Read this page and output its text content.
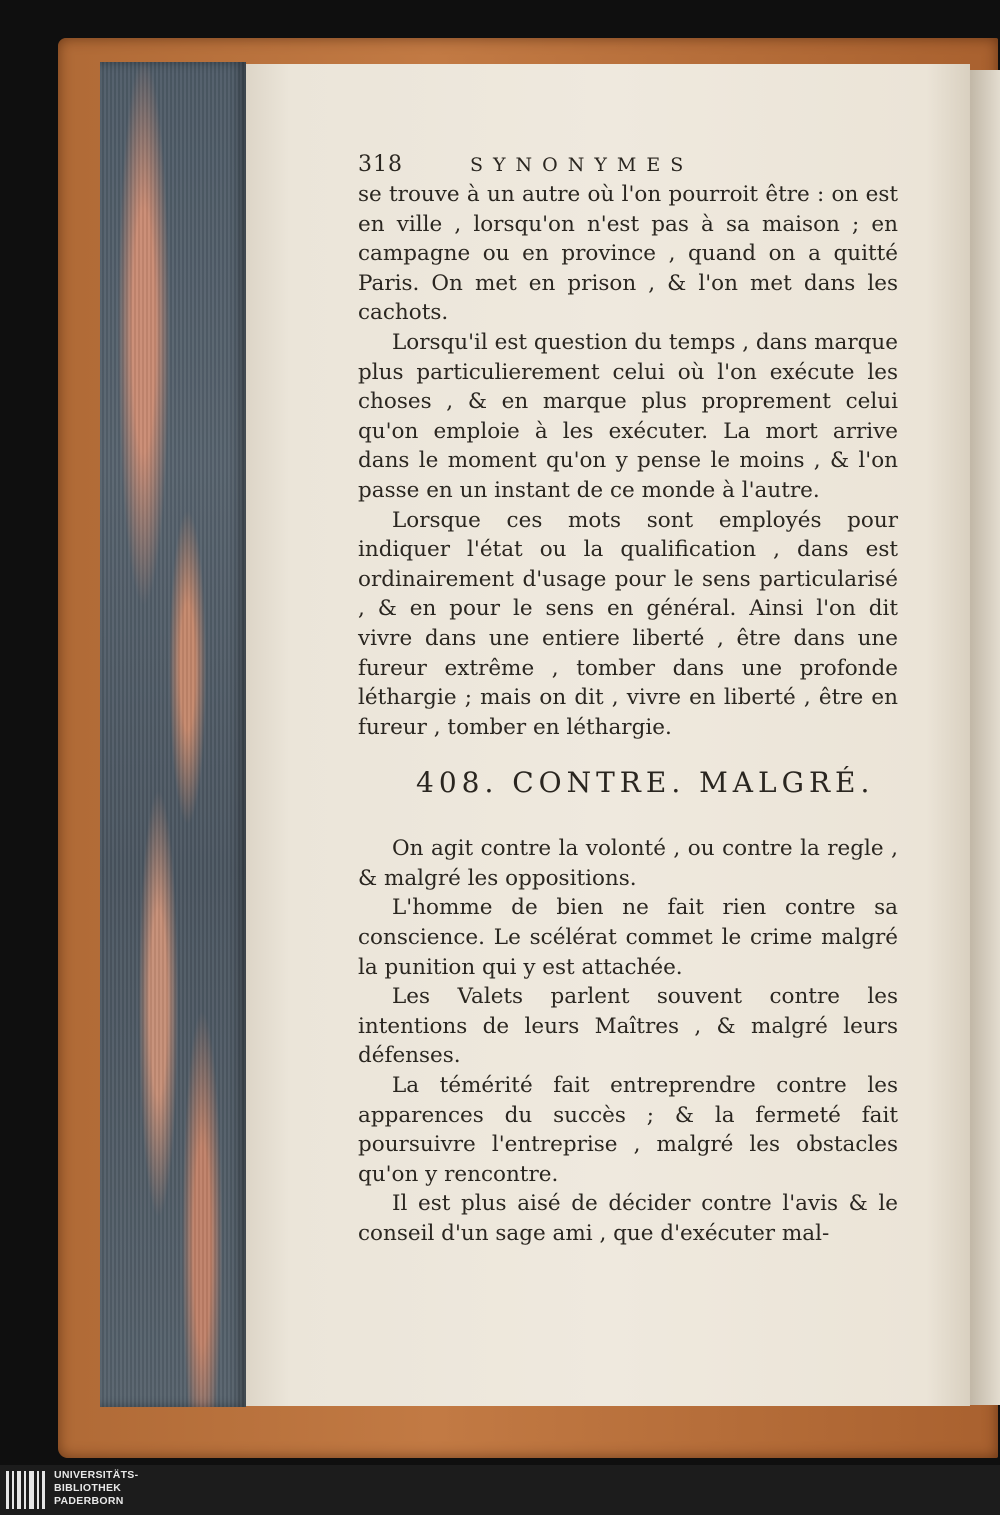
318	SYNONYMES

se trouve à un autre où l'on pourroit être : on est en ville , lorsqu'on n'est pas à sa maison ; en campagne ou en province , quand on a quitté Paris. On met en prison , & l'on met dans les cachots.

Lorsqu'il est question du temps , dans marque plus particulierement celui où l'on exécute les choses , & en marque plus proprement celui qu'on emploie à les exécuter. La mort arrive dans le moment qu'on y pense le moins , & l'on passe en un instant de ce monde à l'autre.

Lorsque ces mots sont employés pour indiquer l'état ou la qualification , dans est ordinairement d'usage pour le sens particularisé , & en pour le sens en général. Ainsi l'on dit vivre dans une entiere liberté , être dans une fureur extrême , tomber dans une profonde léthargie ; mais on dit , vivre en liberté , être en fureur , tomber en léthargie.

408. CONTRE. MALGRÉ.

On agit contre la volonté , ou contre la regle , & malgré les oppositions.

L'homme de bien ne fait rien contre sa conscience. Le scélérat commet le crime malgré la punition qui y est attachée.

Les Valets parlent souvent contre les intentions de leurs Maîtres , & malgré leurs défenses.

La témérité fait entreprendre contre les apparences du succès ; & la fermeté fait poursuivre l'entreprise , malgré les obstacles qu'on y rencontre.

Il est plus aisé de décider contre l'avis & le conseil d'un sage ami , que d'exécuter mal-

UNIVERSITÄTS-
BIBLIOTHEK
PADERBORN
